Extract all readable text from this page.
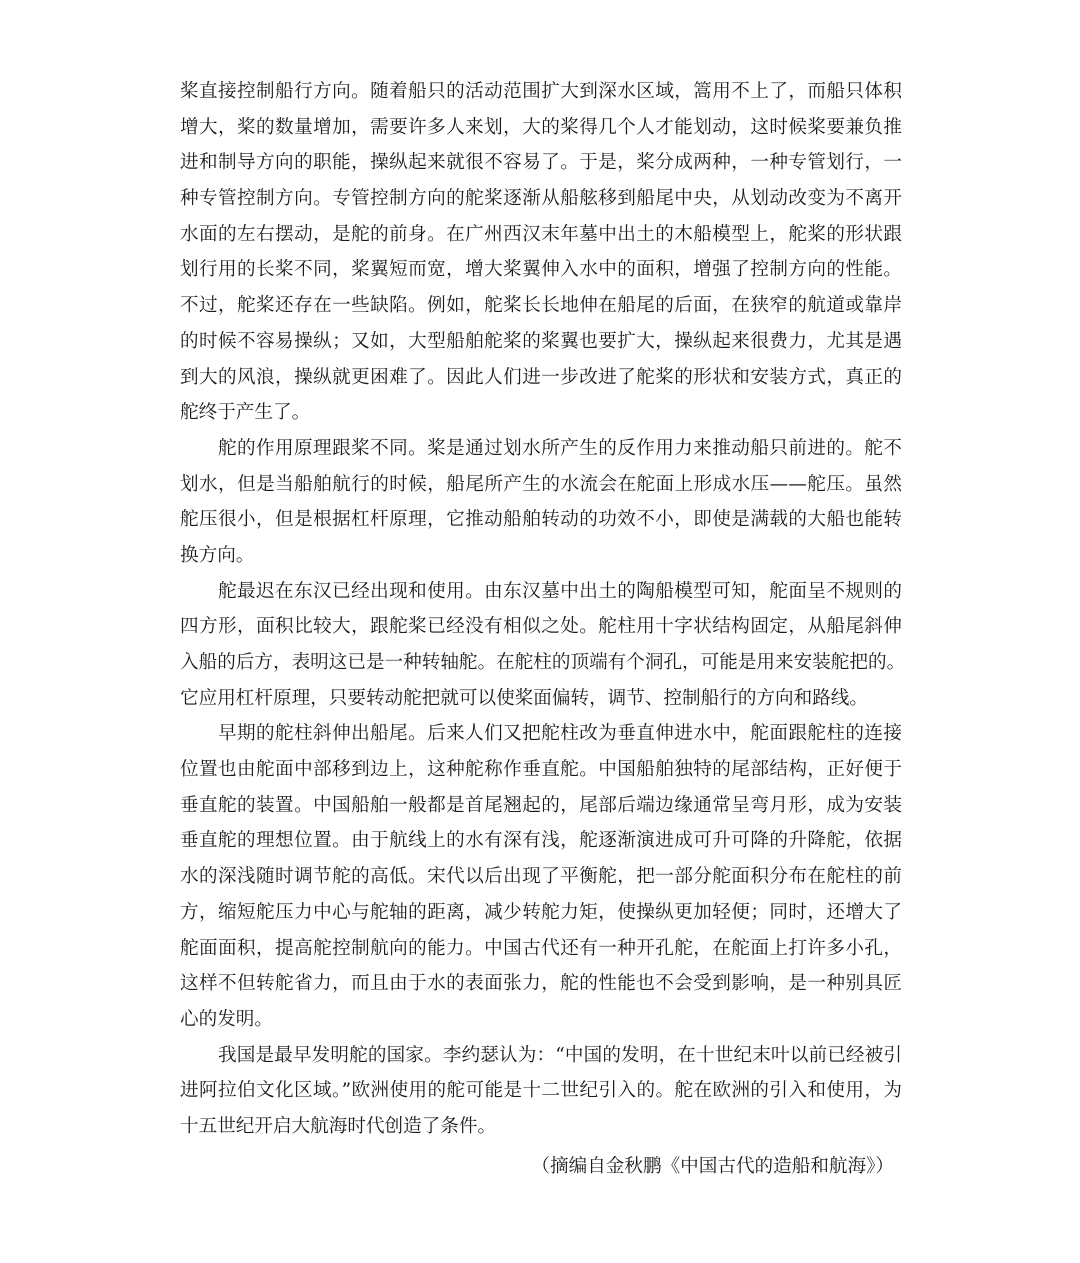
桨直接控制船行方向。随着船只的活动范围扩大到深水区域，篙用不上了，而船只体积
增大，桨的数量增加，需要许多人来划，大的桨得几个人才能划动，这时候桨要兼负推
进和制导方向的职能，操纵起来就很不容易了。于是，桨分成两种，一种专管划行，一
种专管控制方向。专管控制方向的舵桨逐渐从船舷移到船尾中央，从划动改变为不离开
水面的左右摆动，是舵的前身。在广州西汉末年墓中出土的木船模型上，舵桨的形状跟
划行用的长桨不同，桨翼短而宽，增大桨翼伸入水中的面积，增强了控制方向的性能。
不过，舵桨还存在一些缺陷。例如，舵桨长长地伸在船尾的后面，在狭窄的航道或靠岸
的时候不容易操纵；又如，大型船舶舵桨的桨翼也要扩大，操纵起来很费力，尤其是遇
到大的风浪，操纵就更困难了。因此人们进一步改进了舵桨的形状和安装方式，真正的
舵终于产生了。
舵的作用原理跟桨不同。桨是通过划水所产生的反作用力来推动船只前进的。舵不
划水，但是当船舶航行的时候，船尾所产生的水流会在舵面上形成水压——舵压。虽然
舵压很小，但是根据杠杆原理，它推动船舶转动的功效不小，即使是满载的大船也能转
换方向。
舵最迟在东汉已经出现和使用。由东汉墓中出土的陶船模型可知，舵面呈不规则的
四方形，面积比较大，跟舵桨已经没有相似之处。舵柱用十字状结构固定，从船尾斜伸
入船的后方，表明这已是一种转轴舵。在舵柱的顶端有个洞孔，可能是用来安装舵把的。
它应用杠杆原理，只要转动舵把就可以使桨面偏转，调节、控制船行的方向和路线。
早期的舵柱斜伸出船尾。后来人们又把舵柱改为垂直伸进水中，舵面跟舵柱的连接
位置也由舵面中部移到边上，这种舵称作垂直舵。中国船舶独特的尾部结构，正好便于
垂直舵的装置。中国船舶一般都是首尾翘起的，尾部后端边缘通常呈弯月形，成为安装
垂直舵的理想位置。由于航线上的水有深有浅，舵逐渐演进成可升可降的升降舵，依据
水的深浅随时调节舵的高低。宋代以后出现了平衡舵，把一部分舵面积分布在舵柱的前
方，缩短舵压力中心与舵轴的距离，减少转舵力矩，使操纵更加轻便；同时，还增大了
舵面面积，提高舵控制航向的能力。中国古代还有一种开孔舵，在舵面上打许多小孔，
这样不但转舵省力，而且由于水的表面张力，舵的性能也不会受到影响，是一种别具匠
心的发明。
我国是最早发明舵的国家。李约瑟认为：“中国的发明，在十世纪末叶以前已经被引
进阿拉伯文化区域。”欧洲使用的舵可能是十二世纪引入的。舵在欧洲的引入和使用，为
十五世纪开启大航海时代创造了条件。
（摘编自金秋鹏《中国古代的造船和航海》）
